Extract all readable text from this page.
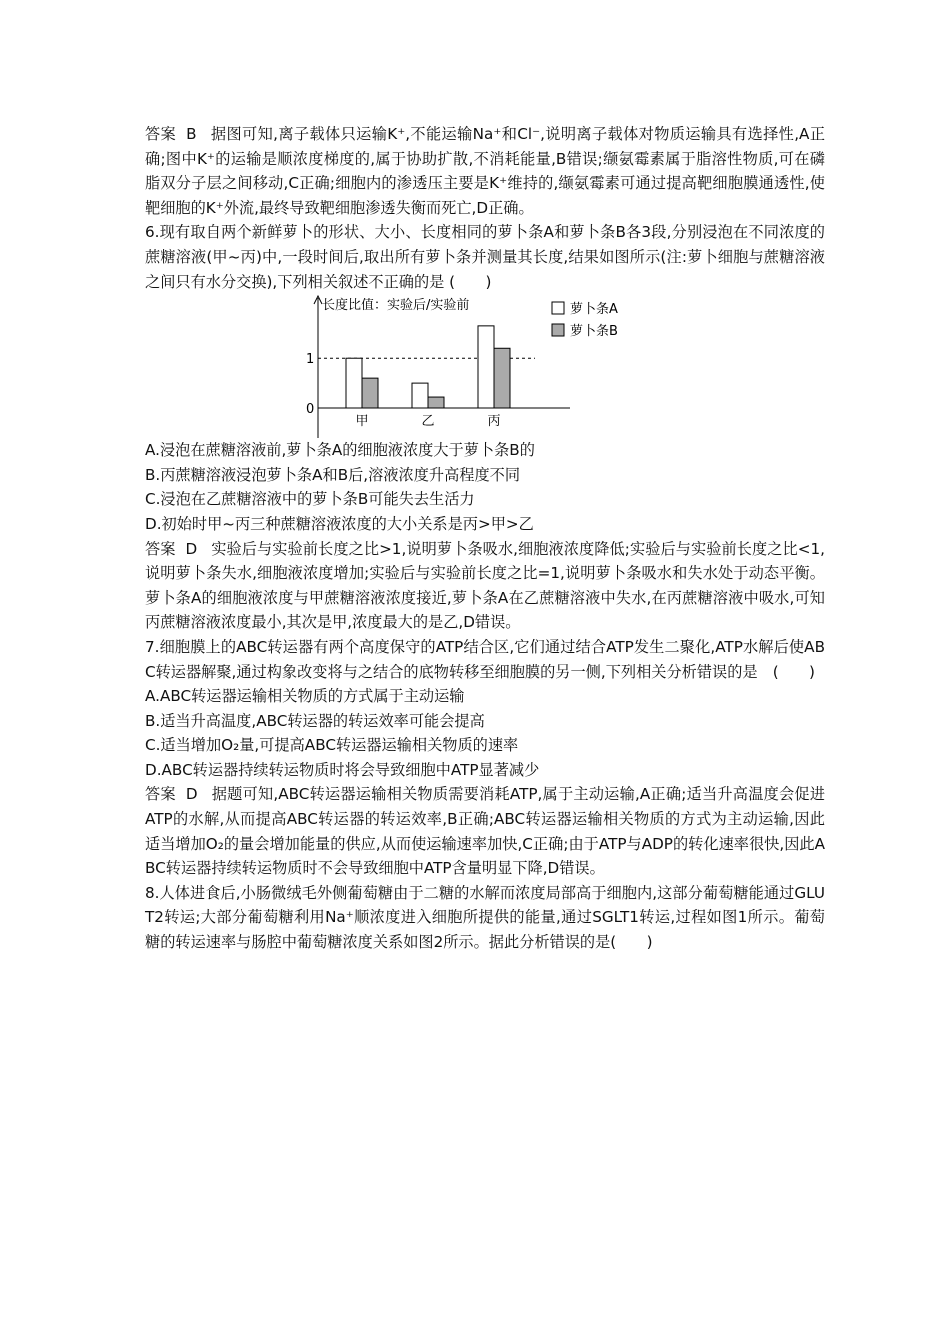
答案 B 据图可知,离子载体只运输K⁺,不能运输Na⁺和Cl⁻,说明离子载体对物质运输具有选择性,A正确;图中K⁺的运输是顺浓度梯度的,属于协助扩散,不消耗能量,B错误;缬氨霉素属于脂溶性物质,可在磷脂双分子层之间移动,C正确;细胞内的渗透压主要是K⁺维持的,缬氨霉素可通过提高靶细胞膜通透性,使靶细胞的K⁺外流,最终导致靶细胞渗透失衡而死亡,D正确。

6.现有取自两个新鲜萝卜的形状、大小、长度相同的萝卜条A和萝卜条B各3段,分别浸泡在不同浓度的蔗糖溶液(甲~丙)中,一段时间后,取出所有萝卜条并测量其长度,结果如图所示(注:萝卜细胞与蔗糖溶液之间只有水分交换),下列相关叙述不正确的是 (　　)

长度比值：实验后/实验前
0
1
甲	乙	丙
萝卜条A
萝卜条B

A.浸泡在蔗糖溶液前,萝卜条A的细胞液浓度大于萝卜条B的

B.丙蔗糖溶液浸泡萝卜条A和B后,溶液浓度升高程度不同

C.浸泡在乙蔗糖溶液中的萝卜条B可能失去生活力

D.初始时甲~丙三种蔗糖溶液浓度的大小关系是丙>甲>乙

答案 D 实验后与实验前长度之比>1,说明萝卜条吸水,细胞液浓度降低;实验后与实验前长度之比<1,说明萝卜条失水,细胞液浓度增加;实验后与实验前长度之比=1,说明萝卜条吸水和失水处于动态平衡。萝卜条A的细胞液浓度与甲蔗糖溶液浓度接近,萝卜条A在乙蔗糖溶液中失水,在丙蔗糖溶液中吸水,可知丙蔗糖溶液浓度最小,其次是甲,浓度最大的是乙,D错误。

7.细胞膜上的ABC转运器有两个高度保守的ATP结合区,它们通过结合ATP发生二聚化,ATP水解后使ABC转运器解聚,通过构象改变将与之结合的底物转移至细胞膜的另一侧,下列相关分析错误的是　(　　)

A.ABC转运器运输相关物质的方式属于主动运输

B.适当升高温度,ABC转运器的转运效率可能会提高

C.适当增加O₂量,可提高ABC转运器运输相关物质的速率

D.ABC转运器持续转运物质时将会导致细胞中ATP显著减少

答案 D 据题可知,ABC转运器运输相关物质需要消耗ATP,属于主动运输,A正确;适当升高温度会促进ATP的水解,从而提高ABC转运器的转运效率,B正确;ABC转运器运输相关物质的方式为主动运输,因此适当增加O₂的量会增加能量的供应,从而使运输速率加快,C正确;由于ATP与ADP的转化速率很快,因此ABC转运器持续转运物质时不会导致细胞中ATP含量明显下降,D错误。

8.人体进食后,小肠微绒毛外侧葡萄糖由于二糖的水解而浓度局部高于细胞内,这部分葡萄糖能通过GLUT2转运;大部分葡萄糖利用Na⁺顺浓度进入细胞所提供的能量,通过SGLT1转运,过程如图1所示。葡萄糖的转运速率与肠腔中葡萄糖浓度关系如图2所示。据此分析错误的是(　　)
